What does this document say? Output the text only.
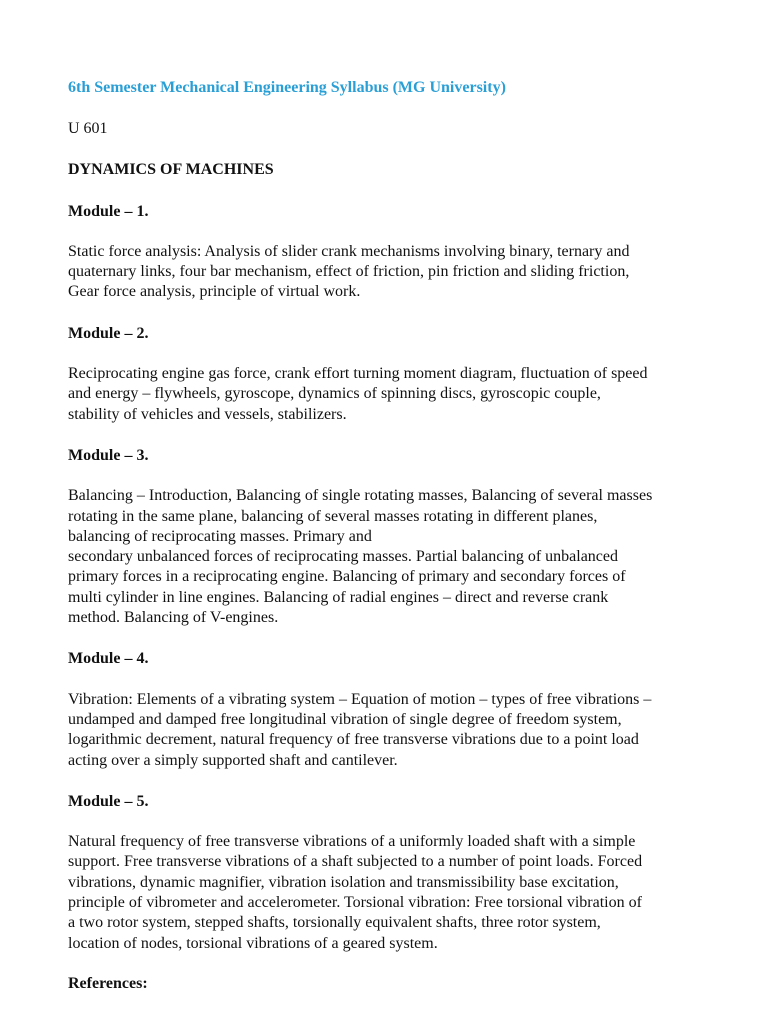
6th Semester Mechanical Engineering Syllabus (MG University)

U 601

DYNAMICS OF MACHINES

Module – 1.

Static force analysis: Analysis of slider crank mechanisms involving binary, ternary and
quaternary links, four bar mechanism, effect of friction, pin friction and sliding friction,
Gear force analysis, principle of virtual work.

Module – 2.

Reciprocating engine gas force, crank effort turning moment diagram, fluctuation of speed
and energy – flywheels, gyroscope, dynamics of spinning discs, gyroscopic couple,
stability of vehicles and vessels, stabilizers.

Module – 3.

Balancing – Introduction, Balancing of single rotating masses, Balancing of several masses
rotating in the same plane, balancing of several masses rotating in different planes,
balancing of reciprocating masses. Primary and
secondary unbalanced forces of reciprocating masses. Partial balancing of unbalanced
primary forces in a reciprocating engine. Balancing of primary and secondary forces of
multi cylinder in line engines. Balancing of radial engines – direct and reverse crank
method. Balancing of V-engines.

Module – 4.

Vibration: Elements of a vibrating system – Equation of motion – types of free vibrations –
undamped and damped free longitudinal vibration of single degree of freedom system,
logarithmic decrement, natural frequency of free transverse vibrations due to a point load
acting over a simply supported shaft and cantilever.

Module – 5.

Natural frequency of free transverse vibrations of a uniformly loaded shaft with a simple
support. Free transverse vibrations of a shaft subjected to a number of point loads. Forced
vibrations, dynamic magnifier, vibration isolation and transmissibility base excitation,
principle of vibrometer and accelerometer. Torsional vibration: Free torsional vibration of
a two rotor system, stepped shafts, torsionally equivalent shafts, three rotor system,
location of nodes, torsional vibrations of a geared system.

References:
